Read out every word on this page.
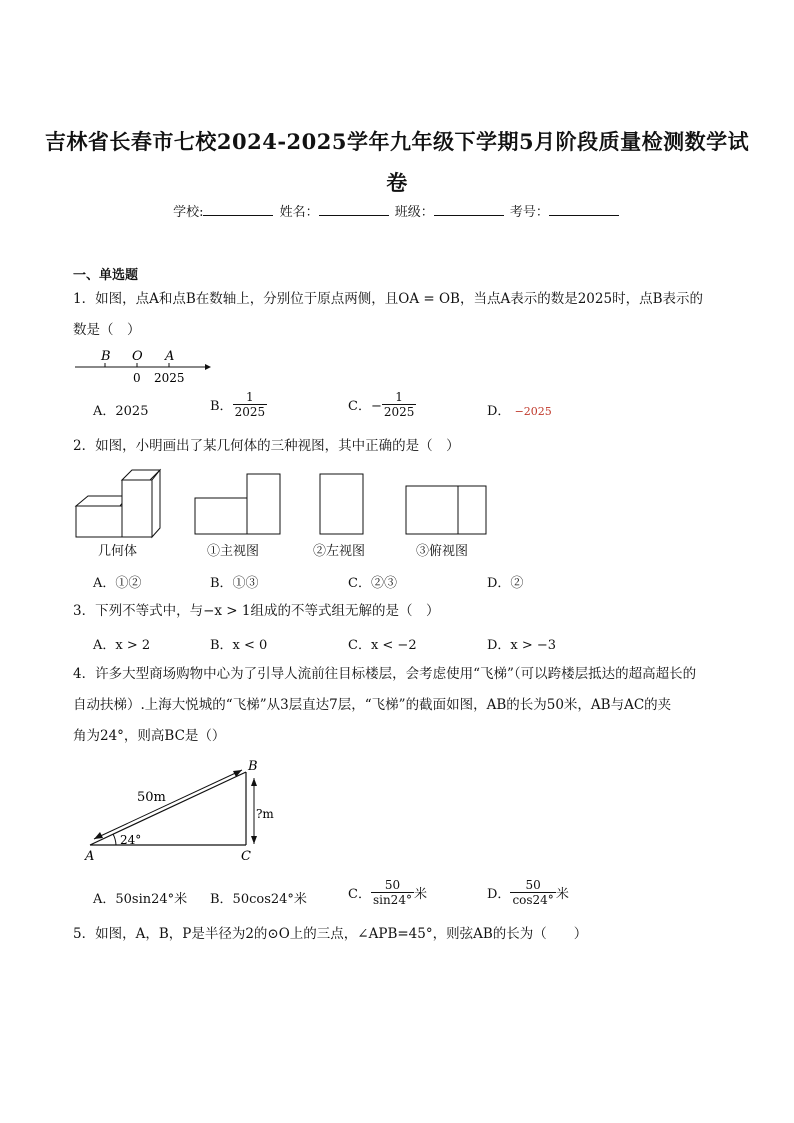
吉林省长春市七校2024-2025学年九年级下学期5月阶段质量检测数学试
卷
学校:	姓名：	班级：	考号：
一、单选题
1．如图，点A和点B在数轴上，分别位于原点两侧，且OA = OB，当点A表示的数是2025时，点B表示的
数是（　）
B O A
0 2025
A．2025	B． $\frac{1}{2025}$	C．− $\frac{1}{2025}$	D． −2025
2．如图，小明画出了某几何体的三种视图，其中正确的是（　）
几何体	①主视图	②左视图	③俯视图
A．①②	B．①③	C．②③	D．②
3．下列不等式中，与−x > 1组成的不等式组无解的是（　）
A．x > 2	B．x < 0	C．x < −2	D．x > −3
4．许多大型商场购物中心为了引导人流前往目标楼层，会考虑使用“飞梯”（可以跨楼层抵达的超高超长的
自动扶梯）.上海大悦城的“飞梯”从3层直达7层，“飞梯”的截面如图，AB的长为50米，AB与AC的夹
角为24°，则高BC是（）
50m
24°
?m
A
B
C
A．50sin24°米 B．50cos24°米	C． $\frac{50}{\sin 24^\circ}$ 米	D． $\frac{50}{\cos 24^\circ}$ 米
5．如图，A，B，P是半径为2的⊙O上的三点，∠APB=45°，则弦AB的长为（　　）
